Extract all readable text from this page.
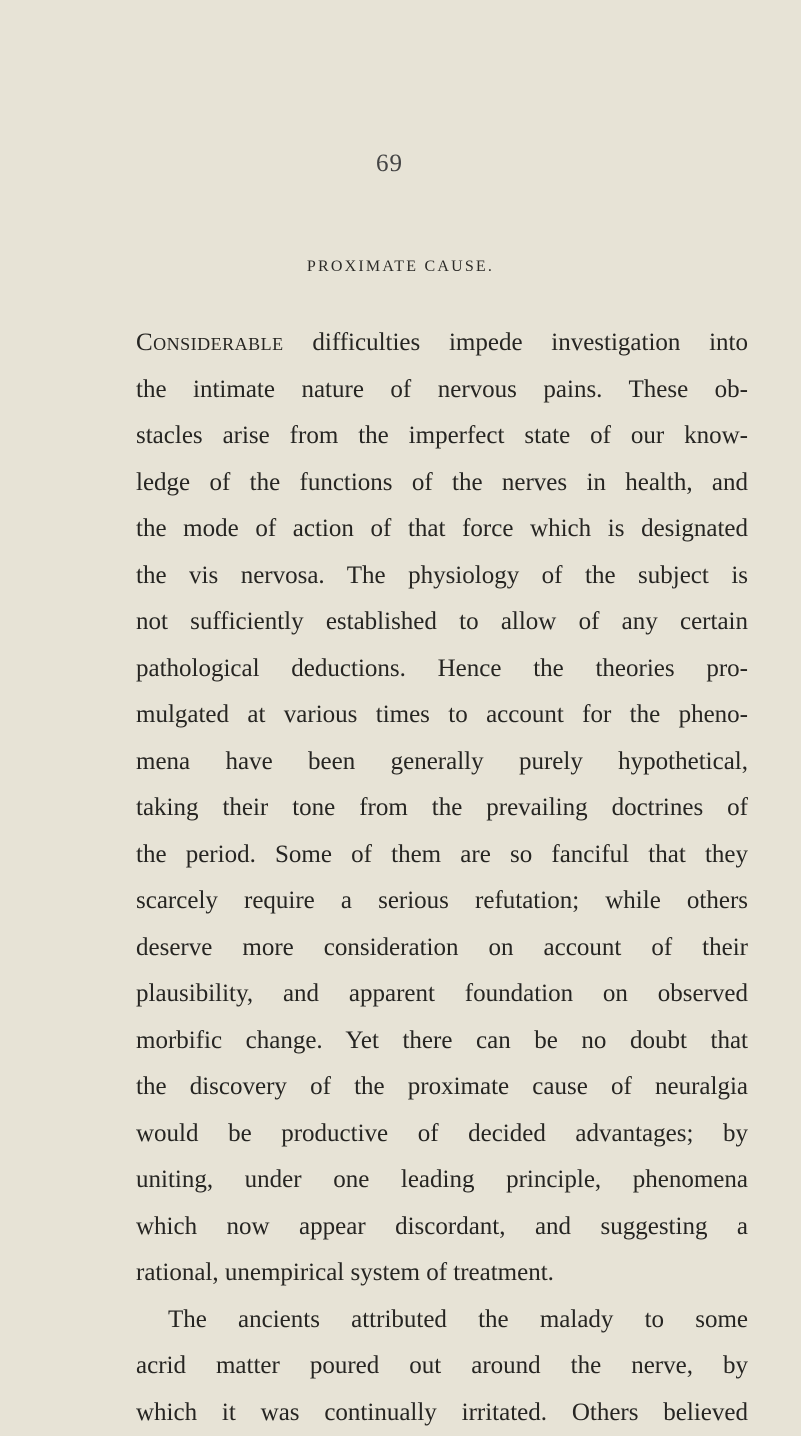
69
PROXIMATE CAUSE.
Considerable difficulties impede investigation into
the intimate nature of nervous pains. These ob-
stacles arise from the imperfect state of our know-
ledge of the functions of the nerves in health, and
the mode of action of that force which is designated
the vis nervosa. The physiology of the subject is
not sufficiently established to allow of any certain
pathological deductions. Hence the theories pro-
mulgated at various times to account for the pheno-
mena have been generally purely hypothetical,
taking their tone from the prevailing doctrines of
the period. Some of them are so fanciful that they
scarcely require a serious refutation; while others
deserve more consideration on account of their
plausibility, and apparent foundation on observed
morbific change. Yet there can be no doubt that
the discovery of the proximate cause of neuralgia
would be productive of decided advantages; by
uniting, under one leading principle, phenomena
which now appear discordant, and suggesting a
rational, unempirical system of treatment.
The ancients attributed the malady to some
acrid matter poured out around the nerve, by
which it was continually irritated. Others believed
